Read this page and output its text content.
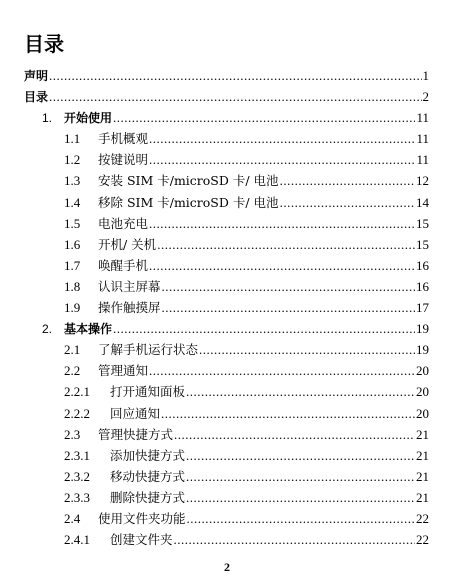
目录
声明 .....	1
目录 .....	2
1. 开始使用 .....	11
1.1	手机概观 .....	11
1.2	按键说明 .....	11
1.3	安装 SIM 卡/microSD 卡/ 电池 .....	12
1.4	移除 SIM 卡/microSD 卡/ 电池 .....	14
1.5	电池充电 .....	15
1.6	开机/ 关机 .....	15
1.7	唤醒手机 .....	16
1.8	认识主屏幕 .....	16
1.9	操作触摸屏 .....	17
2. 基本操作 .....	19
2.1	了解手机运行状态 .....	19
2.2	管理通知 .....	20
2.2.1	打开通知面板 .....	20
2.2.2	回应通知 .....	20
2.3	管理快捷方式 .....	21
2.3.1	添加快捷方式 .....	21
2.3.2	移动快捷方式 .....	21
2.3.3	删除快捷方式 .....	21
2.4	使用文件夹功能 .....	22
2.4.1	创建文件夹 .....	22
2
